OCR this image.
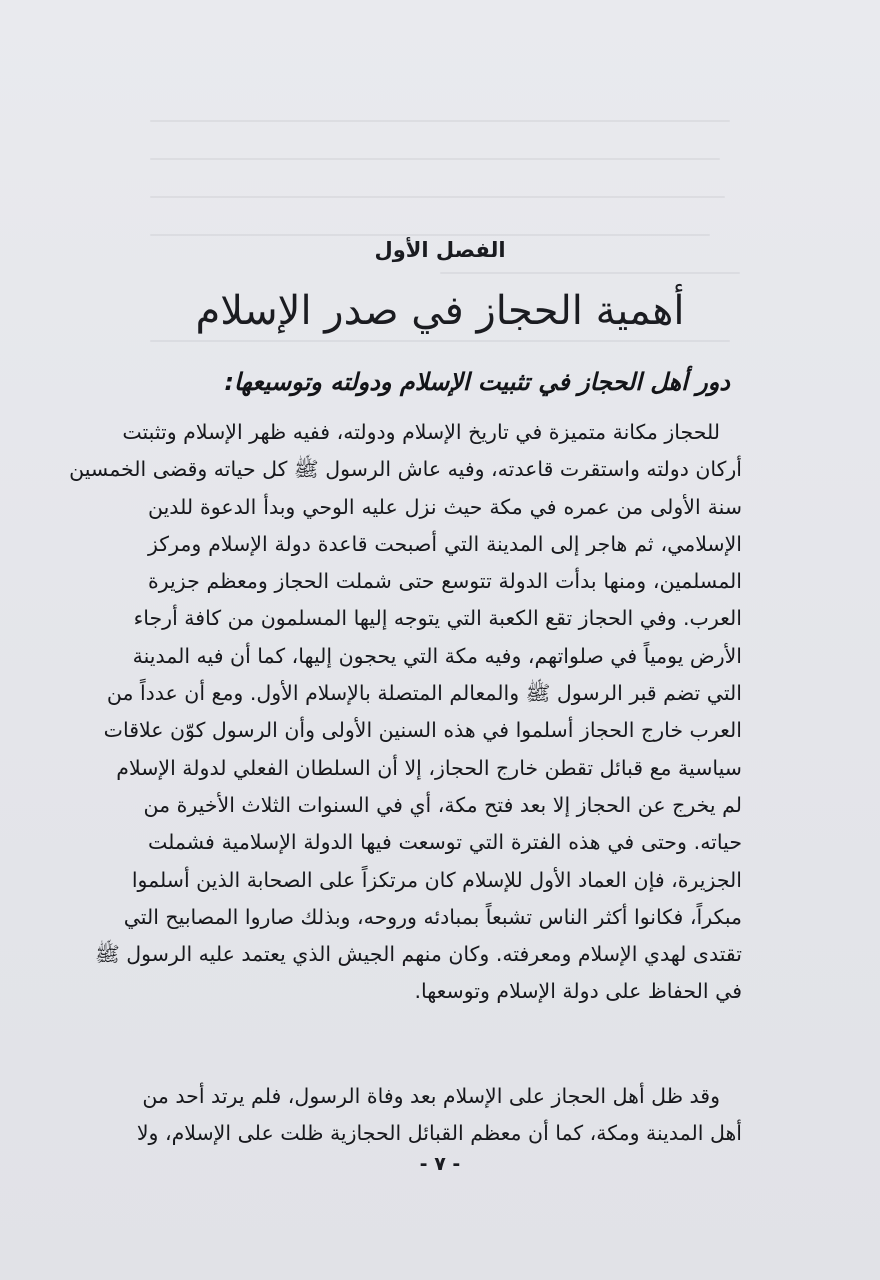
الفصل الأول
أهمية الحجاز في صدر الإسلام
دور أهل الحجاز في تثبيت الإسلام ودولته وتوسيعها:
للحجاز مكانة متميزة في تاريخ الإسلام ودولته، ففيه ظهر الإسلام وتثبتت
أركان دولته واستقرت قاعدته، وفيه عاش الرسول ﷺ كل حياته وقضى الخمسين
سنة الأولى من عمره في مكة حيث نزل عليه الوحي وبدأ الدعوة للدين
الإسلامي، ثم هاجر إلى المدينة التي أصبحت قاعدة دولة الإسلام ومركز
المسلمين، ومنها بدأت الدولة تتوسع حتى شملت الحجاز ومعظم جزيرة
العرب. وفي الحجاز تقع الكعبة التي يتوجه إليها المسلمون من كافة أرجاء
الأرض يومياً في صلواتهم، وفيه مكة التي يحجون إليها، كما أن فيه المدينة
التي تضم قبر الرسول ﷺ والمعالم المتصلة بالإسلام الأول. ومع أن عدداً من
العرب خارج الحجاز أسلموا في هذه السنين الأولى وأن الرسول كوّن علاقات
سياسية مع قبائل تقطن خارج الحجاز، إلا أن السلطان الفعلي لدولة الإسلام
لم يخرج عن الحجاز إلا بعد فتح مكة، أي في السنوات الثلاث الأخيرة من
حياته. وحتى في هذه الفترة التي توسعت فيها الدولة الإسلامية فشملت
الجزيرة، فإن العماد الأول للإسلام كان مرتكزاً على الصحابة الذين أسلموا
مبكراً، فكانوا أكثر الناس تشبعاً بمبادئه وروحه، وبذلك صاروا المصابيح التي
تقتدى لهدي الإسلام ومعرفته. وكان منهم الجيش الذي يعتمد عليه الرسول ﷺ
في الحفاظ على دولة الإسلام وتوسعها.
وقد ظل أهل الحجاز على الإسلام بعد وفاة الرسول، فلم يرتد أحد من
أهل المدينة ومكة، كما أن معظم القبائل الحجازية ظلت على الإسلام، ولا
- ٧ -
